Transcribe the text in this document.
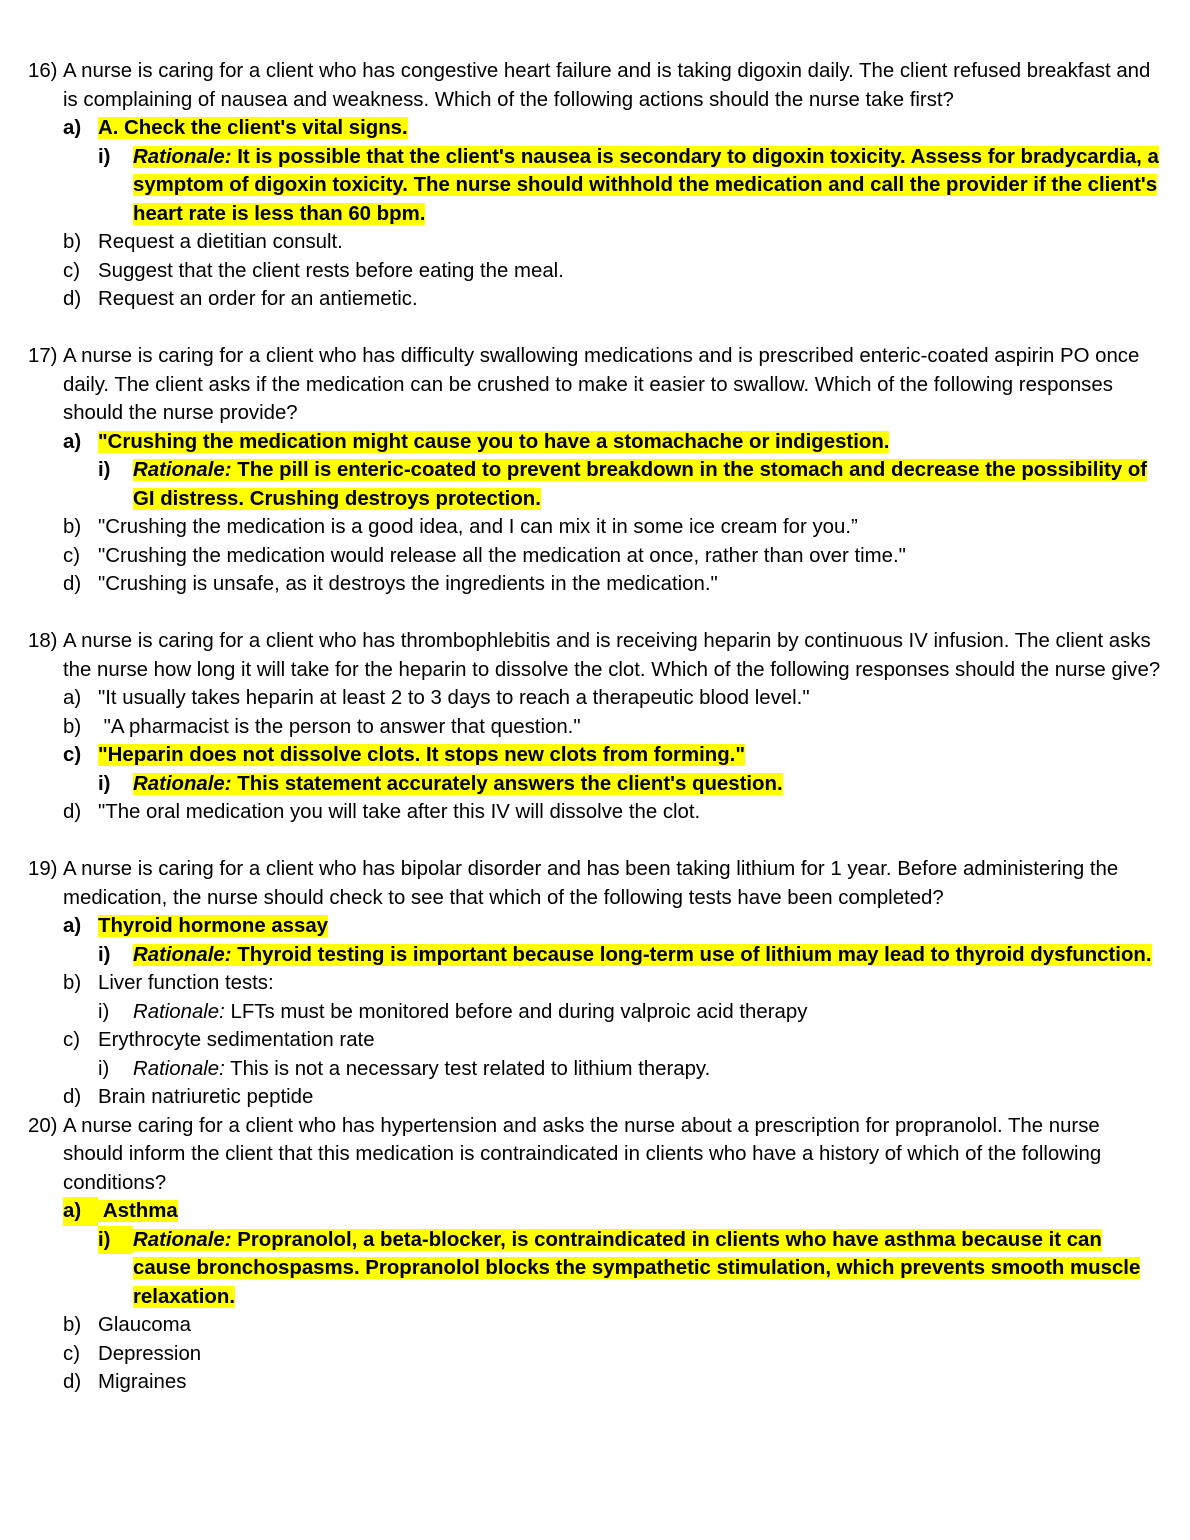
16) A nurse is caring for a client who has congestive heart failure and is taking digoxin daily. The client refused breakfast and is complaining of nausea and weakness. Which of the following actions should the nurse take first?
a) A. Check the client's vital signs.
i) Rationale: It is possible that the client's nausea is secondary to digoxin toxicity. Assess for bradycardia, a symptom of digoxin toxicity. The nurse should withhold the medication and call the provider if the client's heart rate is less than 60 bpm.
b) Request a dietitian consult.
c) Suggest that the client rests before eating the meal.
d) Request an order for an antiemetic.
17) A nurse is caring for a client who has difficulty swallowing medications and is prescribed enteric-coated aspirin PO once daily. The client asks if the medication can be crushed to make it easier to swallow. Which of the following responses should the nurse provide?
a) "Crushing the medication might cause you to have a stomachache or indigestion.
i) Rationale: The pill is enteric-coated to prevent breakdown in the stomach and decrease the possibility of GI distress. Crushing destroys protection.
b) "Crushing the medication is a good idea, and I can mix it in some ice cream for you.”
c) "Crushing the medication would release all the medication at once, rather than over time."
d) "Crushing is unsafe, as it destroys the ingredients in the medication."
18) A nurse is caring for a client who has thrombophlebitis and is receiving heparin by continuous IV infusion. The client asks the nurse how long it will take for the heparin to dissolve the clot. Which of the following responses should the nurse give?
a) "It usually takes heparin at least 2 to 3 days to reach a therapeutic blood level."
b) "A pharmacist is the person to answer that question."
c) "Heparin does not dissolve clots. It stops new clots from forming."
i) Rationale: This statement accurately answers the client's question.
d) "The oral medication you will take after this IV will dissolve the clot.
19) A nurse is caring for a client who has bipolar disorder and has been taking lithium for 1 year. Before administering the medication, the nurse should check to see that which of the following tests have been completed?
a) Thyroid hormone assay
i) Rationale: Thyroid testing is important because long-term use of lithium may lead to thyroid dysfunction.
b) Liver function tests:
i) Rationale: LFTs must be monitored before and during valproic acid therapy
c) Erythrocyte sedimentation rate
i) Rationale: This is not a necessary test related to lithium therapy.
d) Brain natriuretic peptide
20) A nurse caring for a client who has hypertension and asks the nurse about a prescription for propranolol. The nurse should inform the client that this medication is contraindicated in clients who have a history of which of the following conditions?
a) Asthma
i) Rationale: Propranolol, a beta-blocker, is contraindicated in clients who have asthma because it can cause bronchospasms. Propranolol blocks the sympathetic stimulation, which prevents smooth muscle relaxation.
b) Glaucoma
c) Depression
d) Migraines
